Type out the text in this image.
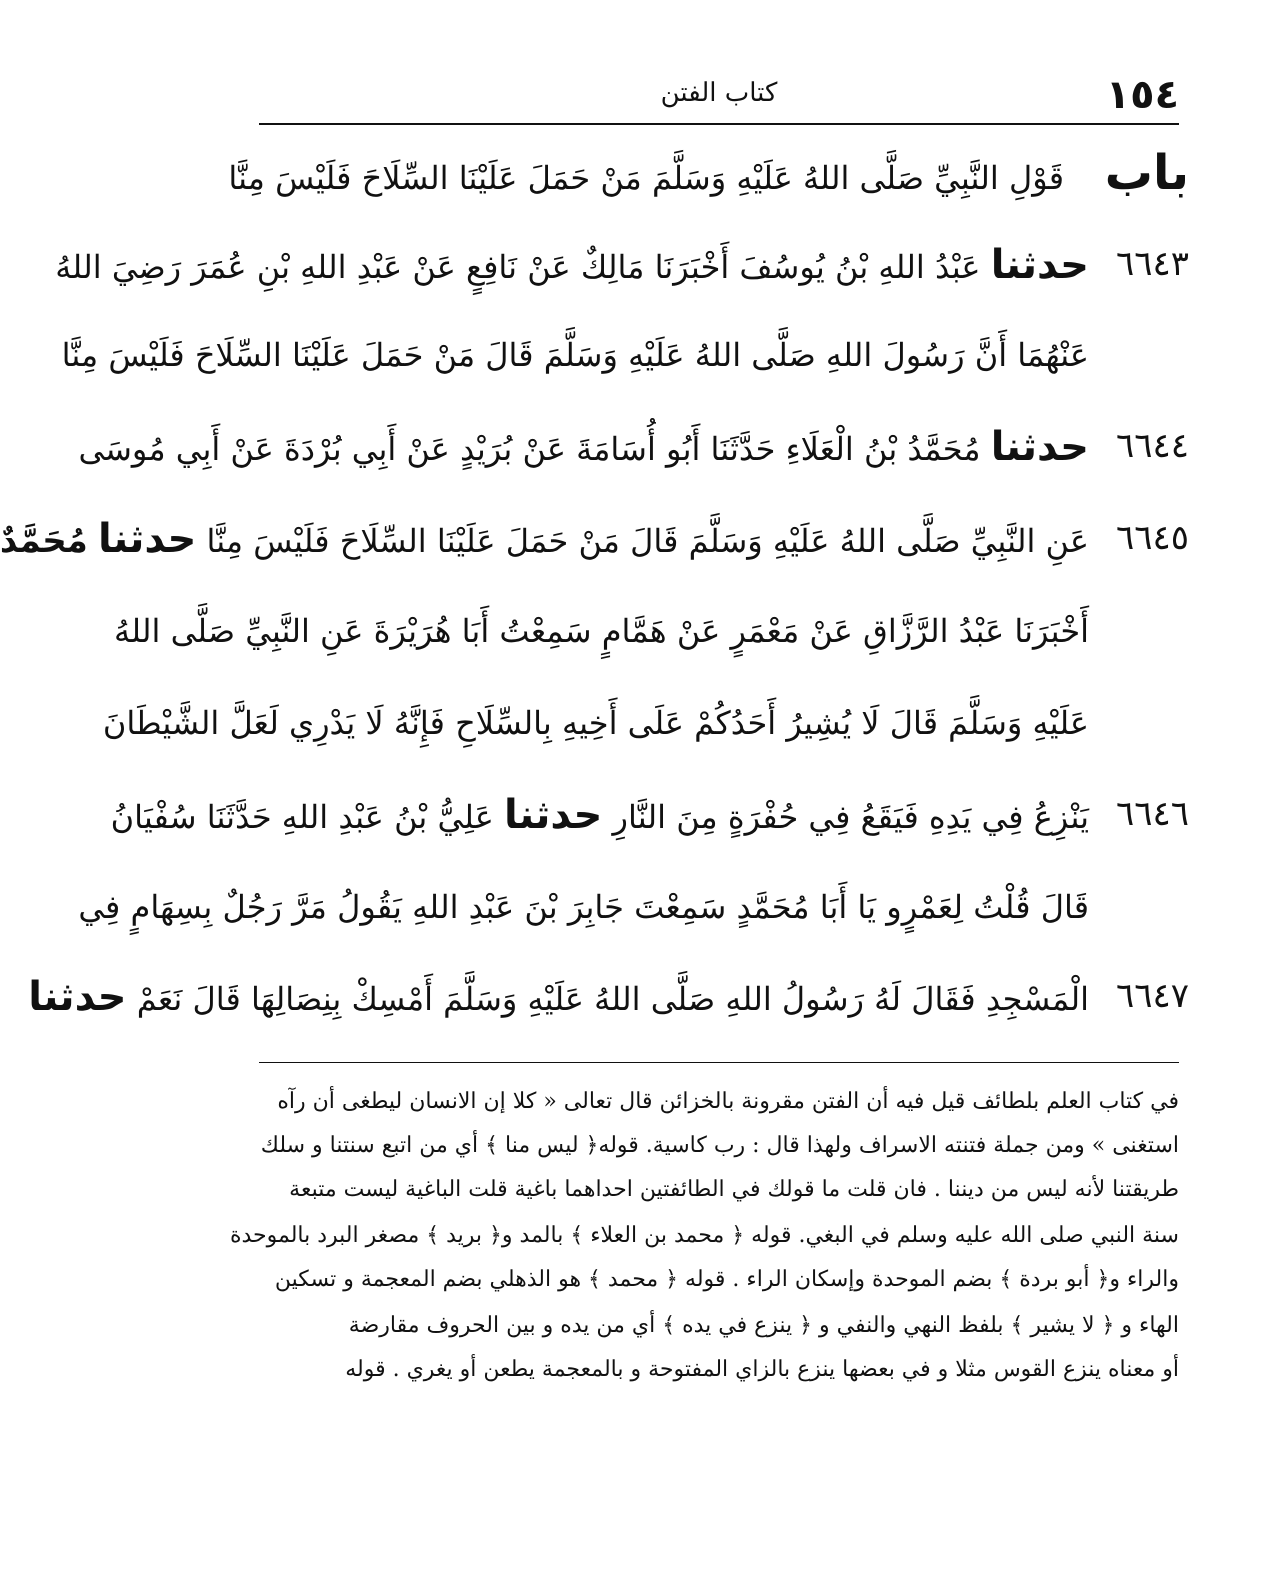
١٥٤
كتاب الفتن
باب    قَوْلِ النَّبِيِّ صَلَّى اللهُ عَلَيْهِ وَسَلَّمَ مَنْ حَمَلَ عَلَيْنَا السِّلَاحَ فَلَيْسَ مِنَّا
٦٦٤٣
حدثنا عَبْدُ اللهِ بْنُ يُوسُفَ أَخْبَرَنَا مَالِكٌ عَنْ نَافِعٍ عَنْ عَبْدِ اللهِ بْنِ عُمَرَ رَضِيَ اللهُ
عَنْهُمَا أَنَّ رَسُولَ اللهِ صَلَّى اللهُ عَلَيْهِ وَسَلَّمَ قَالَ مَنْ حَمَلَ عَلَيْنَا السِّلَاحَ فَلَيْسَ مِنَّا
٦٦٤٤
حدثنا مُحَمَّدُ بْنُ الْعَلَاءِ حَدَّثَنَا أَبُو أُسَامَةَ عَنْ بُرَيْدٍ عَنْ أَبِي بُرْدَةَ عَنْ أَبِي مُوسَى
٦٦٤٥
عَنِ النَّبِيِّ صَلَّى اللهُ عَلَيْهِ وَسَلَّمَ قَالَ مَنْ حَمَلَ عَلَيْنَا السِّلَاحَ فَلَيْسَ مِنَّا حدثنا مُحَمَّدٌ
أَخْبَرَنَا عَبْدُ الرَّزَّاقِ عَنْ مَعْمَرٍ عَنْ هَمَّامٍ سَمِعْتُ أَبَا هُرَيْرَةَ عَنِ النَّبِيِّ صَلَّى اللهُ
عَلَيْهِ وَسَلَّمَ قَالَ لَا يُشِيرُ أَحَدُكُمْ عَلَى أَخِيهِ بِالسِّلَاحِ فَإِنَّهُ لَا يَدْرِي لَعَلَّ الشَّيْطَانَ
٦٦٤٦
يَنْزِعُ فِي يَدِهِ فَيَقَعُ فِي حُفْرَةٍ مِنَ النَّارِ حدثنا عَلِيُّ بْنُ عَبْدِ اللهِ حَدَّثَنَا سُفْيَانُ
قَالَ قُلْتُ لِعَمْرٍو يَا أَبَا مُحَمَّدٍ سَمِعْتَ جَابِرَ بْنَ عَبْدِ اللهِ يَقُولُ مَرَّ رَجُلٌ بِسِهَامٍ فِي
٦٦٤٧
الْمَسْجِدِ فَقَالَ لَهُ رَسُولُ اللهِ صَلَّى اللهُ عَلَيْهِ وَسَلَّمَ أَمْسِكْ بِنِصَالِهَا قَالَ نَعَمْ حدثنا
في كتاب العلم بلطائف قيل فيه أن الفتن مقرونة بالخزائن قال تعالى « كلا إن الانسان ليطغى أن رآه
استغنى » ومن جملة فتنته الاسراف ولهذا قال : رب كاسية. قوله﴿ ليس منا ﴾ أي من اتبع سنتنا و سلك
طريقتنا لأنه ليس من ديننا . فان قلت ما قولك في الطائفتين احداهما باغية قلت الباغية ليست متبعة
سنة النبي صلى الله عليه وسلم في البغي. قوله ﴿ محمد بن العلاء ﴾ بالمد و﴿ بريد ﴾ مصغر البرد بالموحدة
والراء و﴿ أبو بردة ﴾ بضم الموحدة وإسكان الراء . قوله ﴿ محمد ﴾ هو الذهلي بضم المعجمة و تسكين
الهاء و ﴿ لا يشير ﴾ بلفظ النهي والنفي و ﴿ ينزع في يده ﴾ أي من يده و بين الحروف مقارضة
أو معناه ينزع القوس مثلا و في بعضها ينزع بالزاي المفتوحة و بالمعجمة يطعن أو يغري . قوله
